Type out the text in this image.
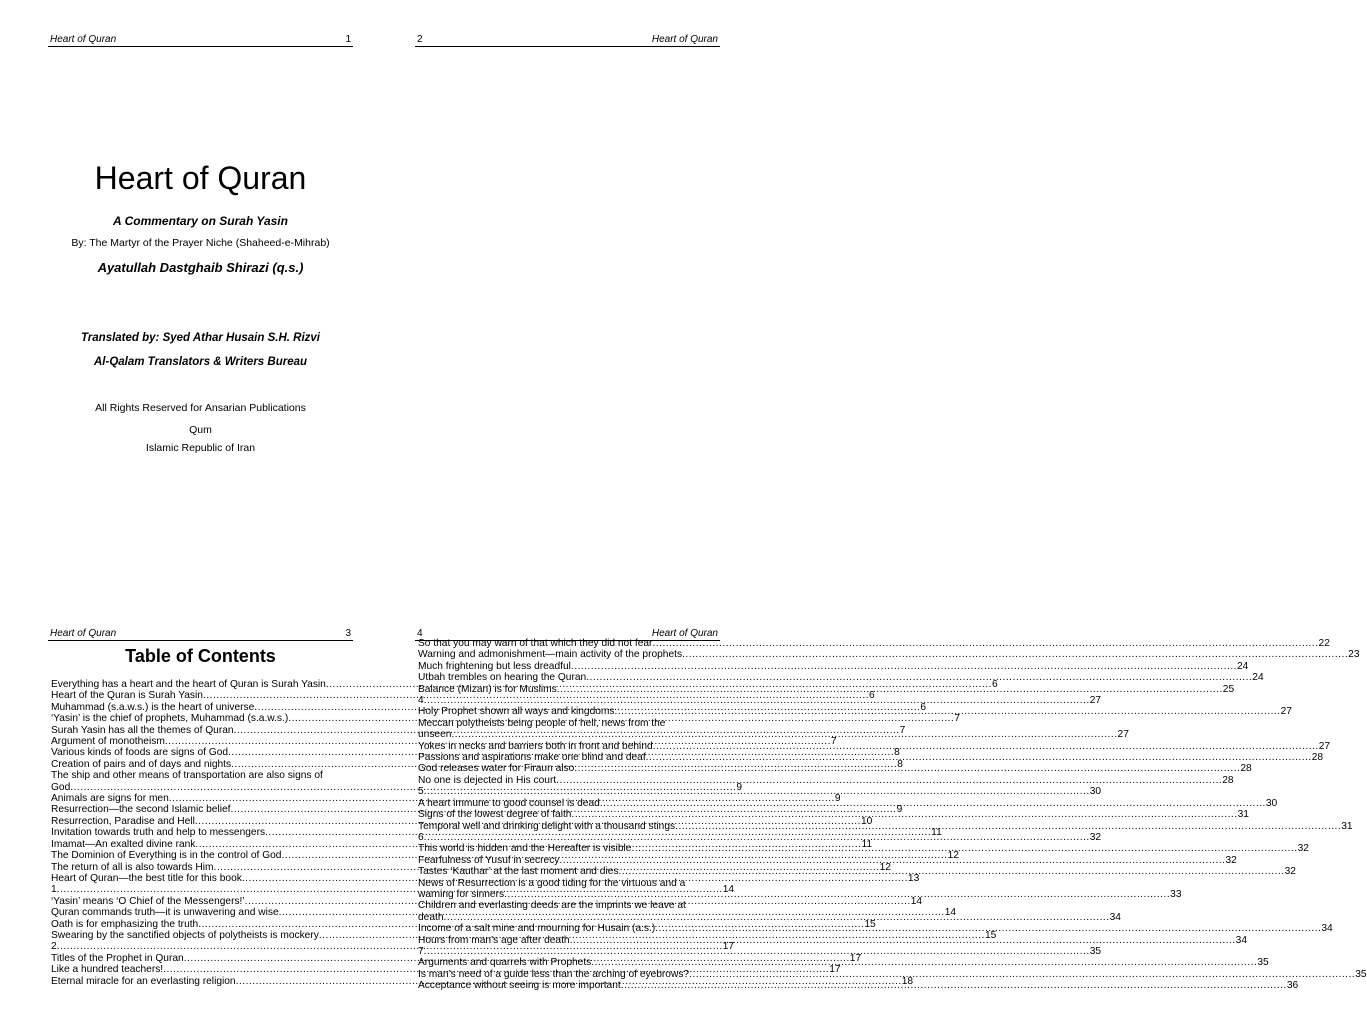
Heart of Quran	1
Heart of Quran
A Commentary on Surah Yasin
By: The Martyr of the Prayer Niche (Shaheed-e-Mihrab)
Ayatullah Dastghaib Shirazi (q.s.)
Translated by: Syed Athar Husain S.H. Rizvi
Al-Qalam Translators & Writers Bureau
All Rights Reserved for Ansarian Publications
Qum
Islamic Republic of Iran
2	Heart of Quran
Heart of Quran	3
Table of Contents
Everything has a heart and the heart of Quran is Surah Yasin .....	6
Heart of the Quran is Surah Yasin .....	6
Muhammad (s.a.w.s.) is the heart of universe .....	6
‘Yasin’ is the chief of prophets, Muhammad (s.a.w.s.) .....	7
Surah Yasin has all the themes of Quran .....	7
Argument of monotheism .....	7
Various kinds of foods are signs of God .....	8
Creation of pairs and of days and nights .....	8
The ship and other means of transportation are also signs of
God .....	9
Animals are signs for men .....	9
Resurrection—the second Islamic belief .....	9
Resurrection, Paradise and Hell .....	10
Invitation towards truth and help to messengers .....	11
Imamat—An exalted divine rank .....	11
The Dominion of Everything is in the control of God .....	12
The return of all is also towards Him .....	12
Heart of Quran—the best title for this book .....	13
1 .....	14
‘Yasin’ means ‘O Chief of the Messengers!’ .....	14
Quran commands truth—it is unwavering and wise .....	14
Oath is for emphasizing the truth .....	15
Swearing by the sanctified objects of polytheists is mockery .....	15
2 .....	17
Titles of the Prophet in Quran .....	17
Like a hundred teachers! .....	17
Eternal miracle for an everlasting religion .....	18
4	Heart of Quran
So that you may warn of that which they did not fear .....	22
Warning and admonishment—main activity of the prophets .....	23
Much frightening but less dreadful .....	24
Utbah trembles on hearing the Quran .....	24
Balance (Mizan) is for Muslims .....	25
4 .....	27
Holy Prophet shown all ways and kingdoms .....	27
Meccan polytheists being people of hell, news from the
unseen .....	27
Yokes in necks and barriers both in front and behind .....	27
Passions and aspirations make one blind and deaf .....	28
God releases water for Firaun also .....	28
No one is dejected in His court .....	28
5 .....	30
A heart immune to good counsel is dead .....	30
Signs of the lowest degree of faith .....	31
Temporal well and drinking delight with a thousand stings .....	31
6 .....	32
This world is hidden and the Hereafter is visible .....	32
Fearfulness of Yusuf in secrecy .....	32
Tastes ‘Kauthar’ at the last moment and dies .....	32
News of Resurrection is a good tiding for the virtuous and a
warning for sinners .....	33
Children and everlasting deeds are the imprints we leave at
death .....	34
Income of a salt mine and mourning for Husain (a.s.) .....	34
Hours from man’s age after death .....	34
7 .....	35
Arguments and quarrels with Prophets .....	35
Is man’s need of a guide less than the arching of eyebrows? .....	35
Acceptance without seeing is more important .....	36
